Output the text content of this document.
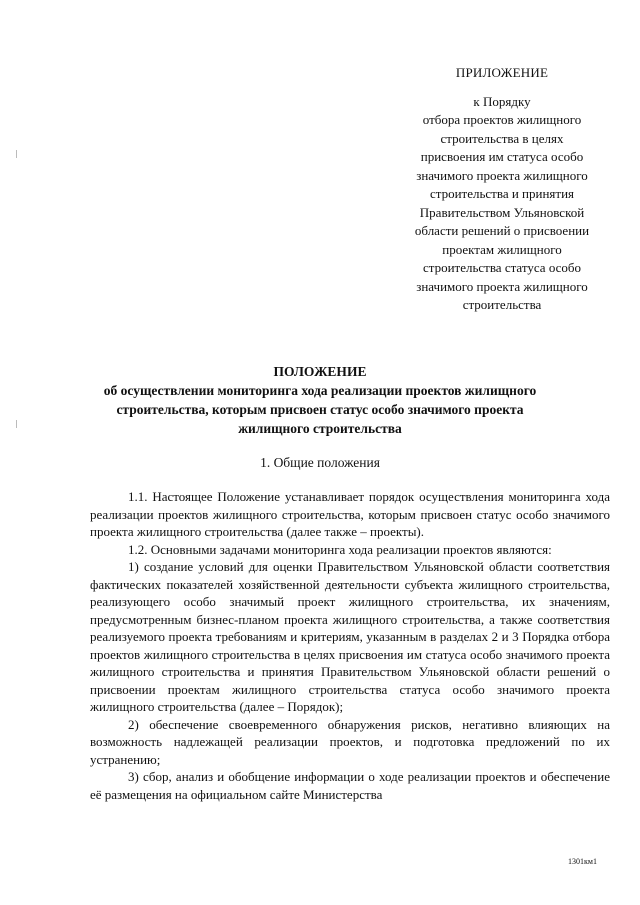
ПРИЛОЖЕНИЕ
к Порядку
отбора проектов жилищного
строительства в целях
присвоения им статуса особо
значимого проекта жилищного
строительства и принятия
Правительством Ульяновской
области решений о присвоении
проектам жилищного
строительства статуса особо
значимого проекта жилищного
строительства
ПОЛОЖЕНИЕ
об осуществлении мониторинга хода реализации проектов жилищного строительства, которым присвоен статус особо значимого проекта жилищного строительства
1. Общие положения

1.1. Настоящее Положение устанавливает порядок осуществления мониторинга хода реализации проектов жилищного строительства, которым присвоен статус особо значимого проекта жилищного строительства (далее также – проекты).

1.2. Основными задачами мониторинга хода реализации проектов являются:

1) создание условий для оценки Правительством Ульяновской области соответствия фактических показателей хозяйственной деятельности субъекта жилищного строительства, реализующего особо значимый проект жилищного строительства, их значениям, предусмотренным бизнес-планом проекта жилищного строительства, а также соответствия реализуемого проекта требованиям и критериям, указанным в разделах 2 и 3 Порядка отбора проектов жилищного строительства в целях присвоения им статуса особо значимого проекта жилищного строительства и принятия Правительством Ульяновской области решений о присвоении проектам жилищного строительства статуса особо значимого проекта жилищного строительства (далее – Порядок);

2) обеспечение своевременного обнаружения рисков, негативно влияющих на возможность надлежащей реализации проектов, и подготовка предложений по их устранению;

3) сбор, анализ и обобщение информации о ходе реализации проектов и обеспечение её размещения на официальном сайте Министерства

1301км1
